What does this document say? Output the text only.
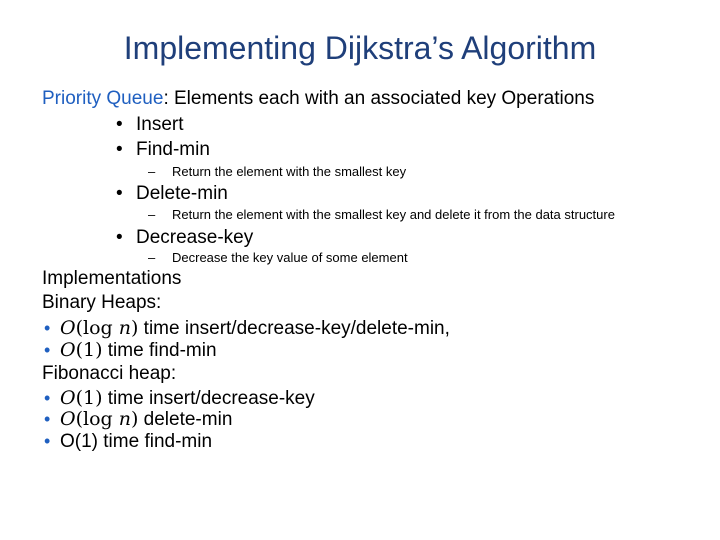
Implementing Dijkstra’s Algorithm
Priority Queue: Elements each with an associated key Operations
• Insert
• Find-min
– Return the element with the smallest key
• Delete-min
– Return the element with the smallest key and delete it from the data structure
• Decrease-key
– Decrease the key value of some element
Implementations
Binary Heaps:
• O(log n) time insert/decrease-key/delete-min,
• O(1) time find-min
Fibonacci heap:
• O(1) time insert/decrease-key
• O(log n) delete-min
• O(1) time find-min
